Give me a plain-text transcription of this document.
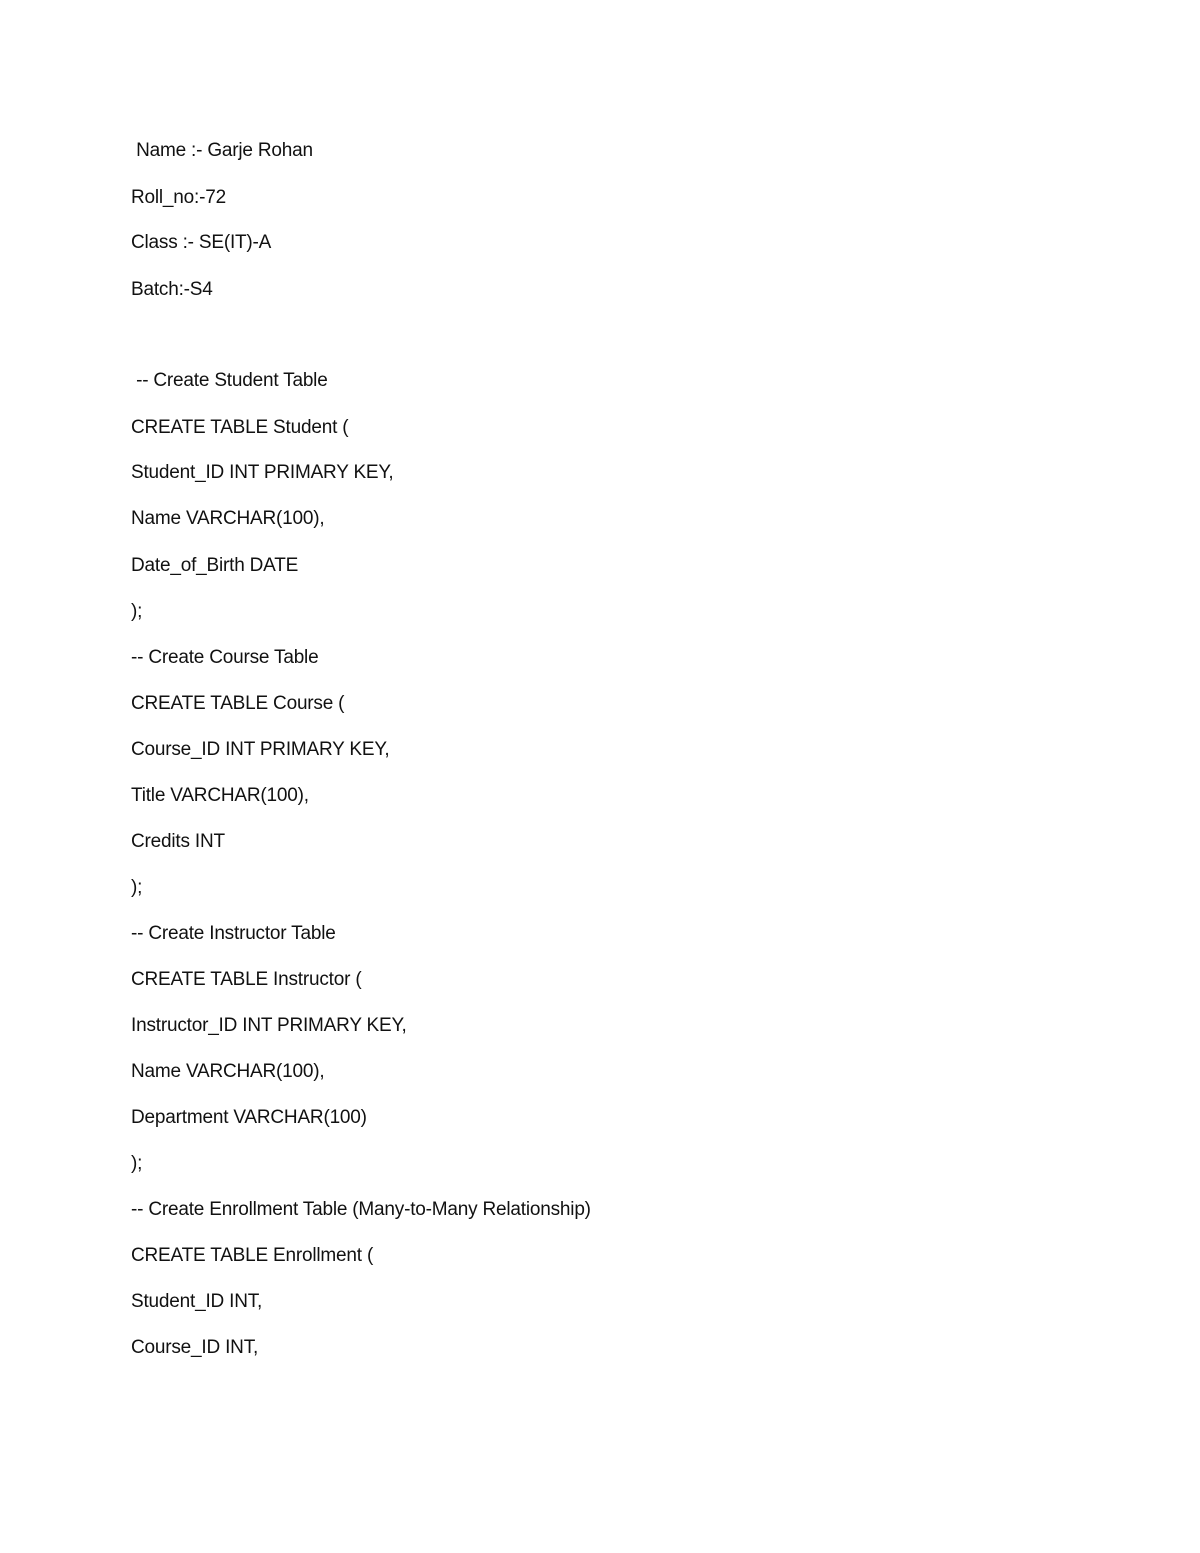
Name :- Garje Rohan

Roll_no:-72

Class :- SE(IT)-A

Batch:-S4

-- Create Student Table

CREATE TABLE Student (

Student_ID INT PRIMARY KEY,

Name VARCHAR(100),

Date_of_Birth DATE

);

-- Create Course Table

CREATE TABLE Course (

Course_ID INT PRIMARY KEY,

Title VARCHAR(100),

Credits INT

);

-- Create Instructor Table

CREATE TABLE Instructor (

Instructor_ID INT PRIMARY KEY,

Name VARCHAR(100),

Department VARCHAR(100)

);

-- Create Enrollment Table (Many-to-Many Relationship)

CREATE TABLE Enrollment (

Student_ID INT,

Course_ID INT,
